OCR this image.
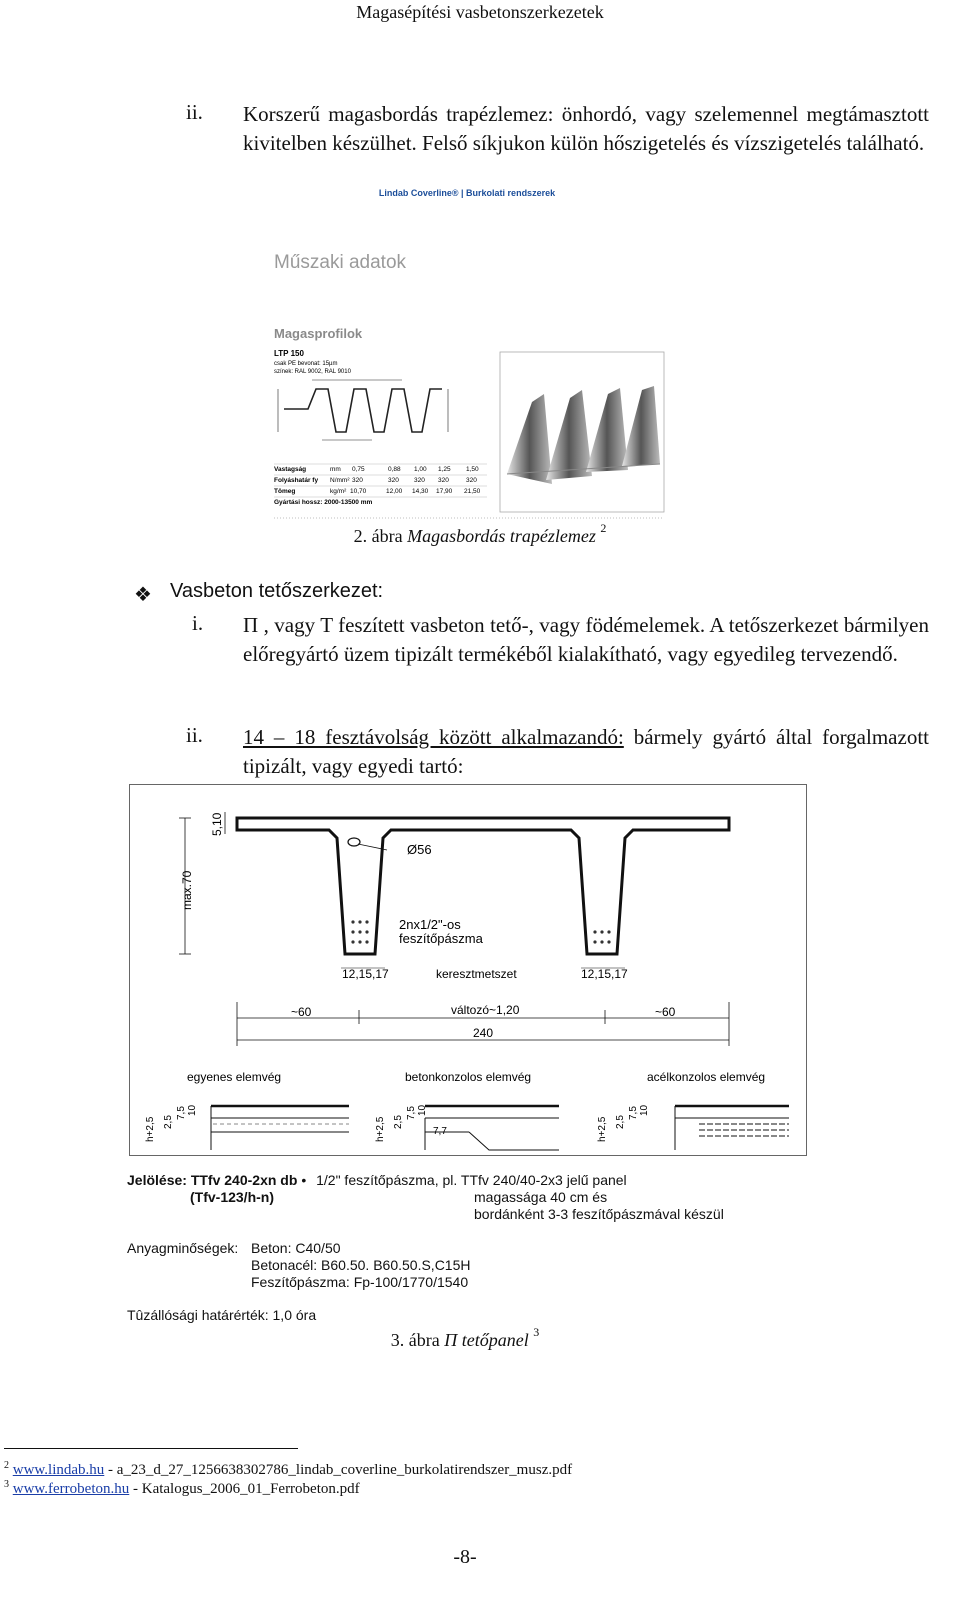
Magasépítési vasbetonszerkezetek
ii. Korszerű magasbordás trapézlemez: önhordó, vagy szelemennel megtámasztott kivitelben készülhet. Felső síkjukon külön hőszigetelés és vízszigetelés található.
Lindab Coverline® | Burkolati rendszerek
Műszaki adatok
Magasprofilok
LTP 150
csak PE bevonat: 15µm
színek: RAL 9002, RAL 9010
Vastagság	mm 0,75	0,88 1,00 1,25 1,50
Folyáshatár fy N/mm² 320	320 320 320	320
Tömeg	kg/m² 10,70	12,00 14,30 17,90 21,50
Gyártási hossz: 2000-13500 mm
2. ábra Magasbordás trapézlemez $^2$
❖ Vasbeton tetőszerkezet:
i. Π , vagy T feszített vasbeton tető-, vagy födémelemek. A tetőszerkezet bármilyen előregyártó üzem tipizált termékéből kialakítható, vagy egyedileg tervezendő.
ii. 14 – 18 fesztávolság között alkalmazandó: bármely gyártó által forgalmazott tipizált, vagy egyedi tartó:
Ø56
2nx1/2"-os
feszítőpászma
max.70
5,10
12,15,17	12,15,17
keresztmetszet
~60	változó~1,20	~60
240
egyenes elemvég	betonkonzolos elemvég	acélkonzolos elemvég
h+2,5 2,5
7,5 10
h+2,5 2,5
7,5 10
7,7	h+2,5 2,5
7,5 10
Jelölése: TTfv 240-2xn db • 1/2" feszítőpászma, pl. TTfv 240/40-2x3 jelű panel
(Tfv-123/h-n)	magassága 40 cm és
bordánként 3-3 feszítőpászmával készül
Anyagminőségek: Beton: C40/50
Betonacél: B60.50. B60.50.S,C15H
Feszítőpászma: Fp-100/1770/1540
Tûzállósági határérték: 1,0 óra
3. ábra Π tetőpanel $^3$
$^2$ www.lindab.hu - a_23_d_27_1256638302786_lindab_coverline_burkolatirendszer_musz.pdf
$^3$ www.ferrobeton.hu - Katalogus_2006_01_Ferrobeton.pdf
-8-
